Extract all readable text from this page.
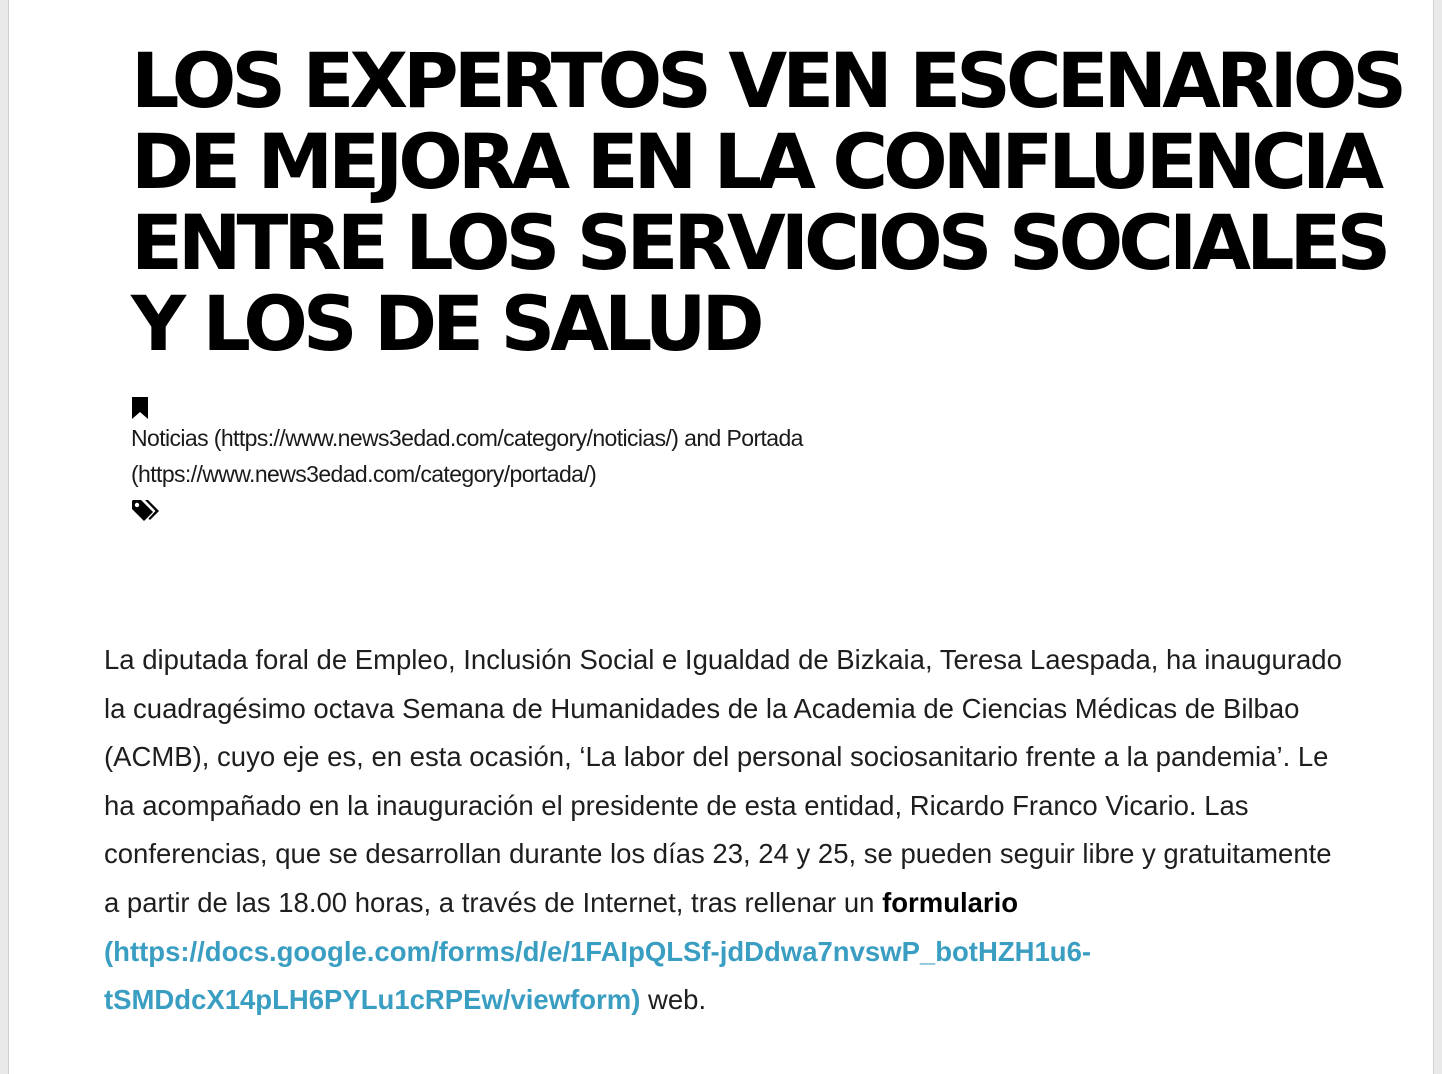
LOS EXPERTOS VEN ESCENARIOS
DE MEJORA EN LA CONFLUENCIA
ENTRE LOS SERVICIOS SOCIALES
Y LOS DE SALUD
Noticias (https://www.news3edad.com/category/noticias/) and Portada
(https://www.news3edad.com/category/portada/)

La diputada foral de Empleo, Inclusión Social e Igualdad de Bizkaia, Teresa Laespada, ha inaugurado la cuadragésimo octava Semana de Humanidades de la Academia de Ciencias Médicas de Bilbao (ACMB), cuyo eje es, en esta ocasión, ‘La labor del personal sociosanitario frente a la pandemia’. Le ha acompañado en la inauguración el presidente de esta entidad, Ricardo Franco Vicario. Las conferencias, que se desarrollan durante los días 23, 24 y 25, se pueden seguir libre y gratuitamente a partir de las 18.00 horas, a través de Internet, tras rellenar un formulario (https://docs.google.com/forms/d/e/1FAIpQLSf-jdDdwa7nvswP_botHZH1u6-tSMDdcX14pLH6PYLu1cRPEw/viewform) web.
